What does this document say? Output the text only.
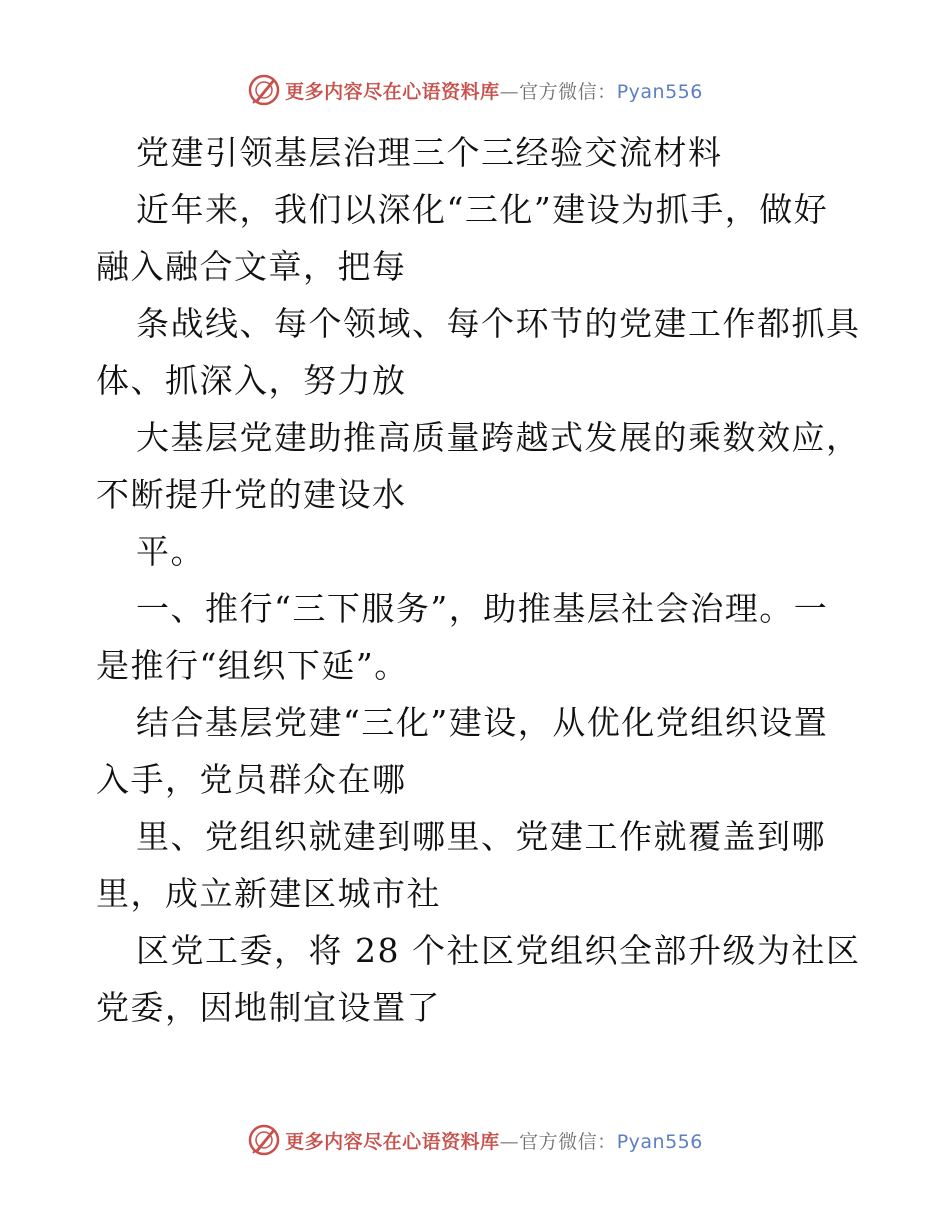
更多内容尽在心语资料库—官方微信：Pyan556
党建引领基层治理三个三经验交流材料
近年来，我们以深化“三化”建设为抓手，做好
融入融合文章，把每
条战线、每个领域、每个环节的党建工作都抓具
体、抓深入，努力放
大基层党建助推高质量跨越式发展的乘数效应，
不断提升党的建设水
平。
一、推行“三下服务”，助推基层社会治理。一
是推行“组织下延”。
结合基层党建“三化”建设，从优化党组织设置
入手，党员群众在哪
里、党组织就建到哪里、党建工作就覆盖到哪
里，成立新建区城市社
区党工委，将 28 个社区党组织全部升级为社区
党委，因地制宜设置了
更多内容尽在心语资料库—官方微信：Pyan556
